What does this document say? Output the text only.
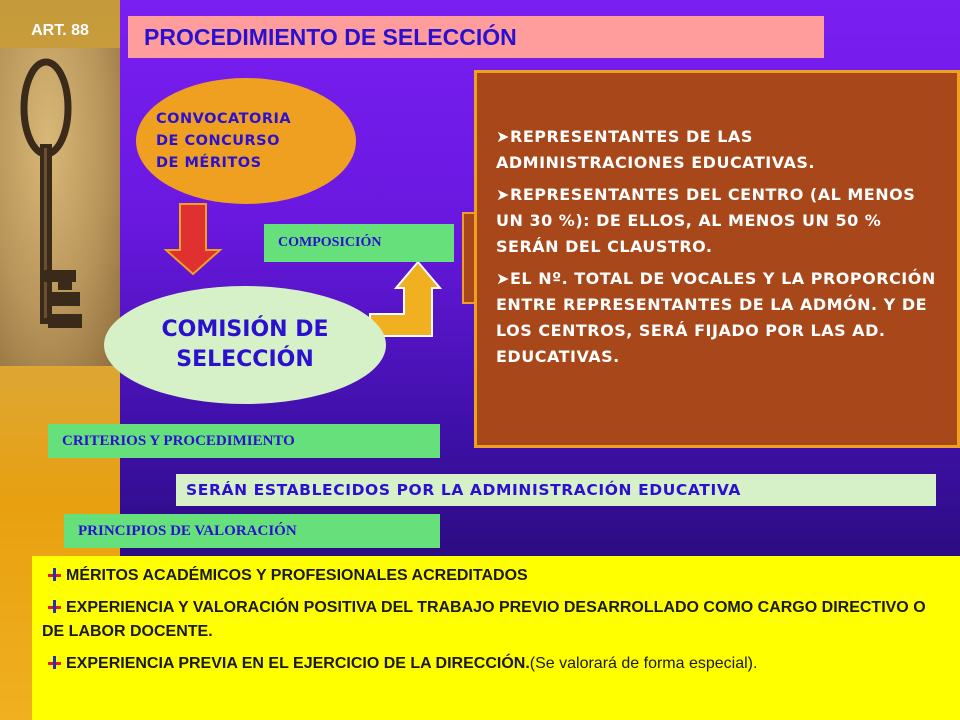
ART. 88	PROCEDIMIENTO DE SELECCIÓN
CONVOCATORIA
DE CONCURSO
DE MÉRITOS
COMISIÓN DE
SELECCIÓN
COMPOSICIÓN
➤REPRESENTANTES DE LAS ADMINISTRACIONES EDUCATIVAS.
➤REPRESENTANTES DEL CENTRO (AL MENOS UN 30 %): DE ELLOS, AL MENOS UN 50 % SERÁN DEL CLAUSTRO.
➤EL Nº. TOTAL DE VOCALES Y LA PROPORCIÓN ENTRE REPRESENTANTES DE LA ADMÓN. Y DE LOS CENTROS, SERÁ FIJADO POR LAS AD. EDUCATIVAS.
CRITERIOS Y PROCEDIMIENTO
SERÁN ESTABLECIDOS POR LA ADMINISTRACIÓN EDUCATIVA
PRINCIPIOS DE VALORACIÓN

MÉRITOS ACADÉMICOS Y PROFESIONALES ACREDITADOS

EXPERIENCIA Y VALORACIÓN POSITIVA DEL TRABAJO PREVIO DESARROLLADO COMO CARGO DIRECTIVO O DE LABOR DOCENTE.

EXPERIENCIA PREVIA EN EL EJERCICIO DE LA DIRECCIÓN.(Se valorará de forma especial).
